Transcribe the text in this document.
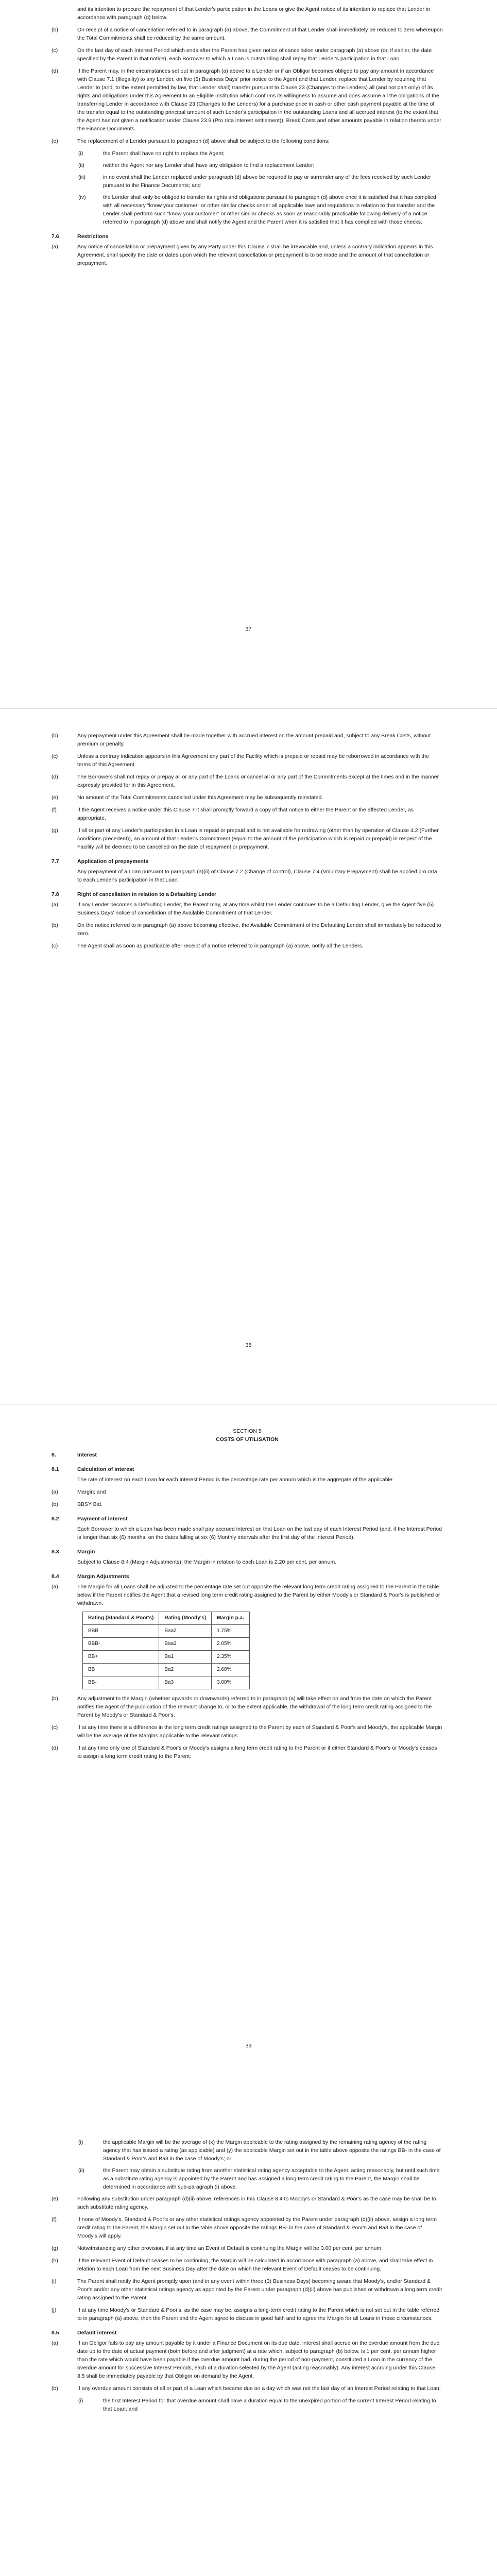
and its intention to procure the repayment of that Lender's participation in the Loans or give the Agent notice of its intention to replace that Lender in accordance with paragraph (d) below.

(b)	On receipt of a notice of cancellation referred to in paragraph (a) above, the Commitment of that Lender shall immediately be reduced to zero whereupon the Total Commitments shall be reduced by the same amount.
(c)	On the last day of each Interest Period which ends after the Parent has given notice of cancellation under paragraph (a) above (or, if earlier, the date specified by the Parent in that notice), each Borrower to which a Loan is outstanding shall repay that Lender's participation in that Loan.
(d)	If the Parent may, in the circumstances set out in paragraph (a) above to a Lender or if an Obligor becomes obliged to pay any amount in accordance with Clause 7.1 (Illegality) to any Lender, on five (5) Business Days' prior notice to the Agent and that Lender, replace that Lender by requiring that Lender to (and, to the extent permitted by law, that Lender shall) transfer pursuant to Clause 23 (Changes to the Lenders) all (and not part only) of its rights and obligations under this Agreement to an Eligible Institution which confirms its willingness to assume and does assume all the obligations of the transferring Lender in accordance with Clause 23 (Changes to the Lenders) for a purchase price in cash or other cash payment payable at the time of the transfer equal to the outstanding principal amount of such Lender's participation in the outstanding Loans and all accrued interest (to the extent that the Agent has not given a notification under Clause 23.9 (Pro rata interest settlement)), Break Costs and other amounts payable in relation thereto under the Finance Documents.
(e)	The replacement of a Lender pursuant to paragraph (d) above shall be subject to the following conditions:
(i)	the Parent shall have no right to replace the Agent;
(ii)	neither the Agent nor any Lender shall have any obligation to find a replacement Lender;
(iii)	in no event shall the Lender replaced under paragraph (d) above be required to pay or surrender any of the fees received by such Lender pursuant to the Finance Documents; and
(iv)	the Lender shall only be obliged to transfer its rights and obligations pursuant to paragraph (d) above once it is satisfied that it has complied with all necessary "know your customer" or other similar checks under all applicable laws and regulations in relation to that transfer and the Lender shall perform such "know your customer" or other similar checks as soon as reasonably practicable following delivery of a notice referred to in paragraph (d) above and shall notify the Agent and the Parent when it is satisfied that it has complied with those checks.
7.6	Restrictions
(a)	Any notice of cancellation or prepayment given by any Party under this Clause 7 shall be irrevocable and, unless a contrary indication appears in this Agreement, shall specify the date or dates upon which the relevant cancellation or prepayment is to be made and the amount of that cancellation or prepayment.
37
(b)	Any prepayment under this Agreement shall be made together with accrued interest on the amount prepaid and, subject to any Break Costs, without premium or penalty.
(c)	Unless a contrary indication appears in this Agreement any part of the Facility which is prepaid or repaid may be reborrowed in accordance with the terms of this Agreement.
(d)	The Borrowers shall not repay or prepay all or any part of the Loans or cancel all or any part of the Commitments except at the times and in the manner expressly provided for in this Agreement.
(e)	No amount of the Total Commitments cancelled under this Agreement may be subsequently reinstated.
(f)	If the Agent receives a notice under this Clause 7 it shall promptly forward a copy of that notice to either the Parent or the affected Lender, as appropriate.
(g)	If all or part of any Lender's participation in a Loan is repaid or prepaid and is not available for redrawing (other than by operation of Clause 4.2 (Further conditions precedent)), an amount of that Lender's Commitment (equal to the amount of the participation which is repaid or prepaid) in respect of the Facility will be deemed to be cancelled on the date of repayment or prepayment.
7.7	Application of prepayments

Any prepayment of a Loan pursuant to paragraph (a)(ii) of Clause 7.2 (Change of control), Clause 7.4 (Voluntary Prepayment) shall be applied pro rata to each Lender's participation in that Loan.

7.8	Right of cancellation in relation to a Defaulting Lender
(a)	If any Lender becomes a Defaulting Lender, the Parent may, at any time whilst the Lender continues to be a Defaulting Lender, give the Agent five (5) Business Days' notice of cancellation of the Available Commitment of that Lender.
(b)	On the notice referred to in paragraph (a) above becoming effective, the Available Commitment of the Defaulting Lender shall immediately be reduced to zero.
(c)	The Agent shall as soon as practicable after receipt of a notice referred to in paragraph (a) above, notify all the Lenders.
38

SECTION 5

COSTS OF UTILISATION

8.	Interest
8.1	Calculation of interest

The rate of interest on each Loan for each Interest Period is the percentage rate per annum which is the aggregate of the applicable:

(a)	Margin; and
(b)	BBSY Bid.
8.2	Payment of interest

Each Borrower to which a Loan has been made shall pay accrued interest on that Loan on the last day of each Interest Period (and, if the Interest Period is longer than six (6) months, on the dates falling at six (6) Monthly intervals after the first day of the Interest Period).

8.3	Margin

Subject to Clause 8.4 (Margin Adjustments), the Margin in relation to each Loan is 2.20 per cent. per annum.

8.4	Margin Adjustments
(a)	The Margin for all Loans shall be adjusted to the percentage rate set out opposite the relevant long term credit rating assigned to the Parent in the table below if the Parent notifies the Agent that a revised long term credit rating assigned to the Parent by either Moody's or Standard & Poor's is published or withdrawn.
Rating (Standard & Poor's)	Rating (Moody's)	Margin p.a.
BBB	Baa2	1.75%
BBB-	Baa3	2.05%
BB+	Ba1	2.35%
BB	Ba2	2.60%
BB-	Ba3	3.00%
(b)	Any adjustment to the Margin (whether upwards or downwards) referred to in paragraph (a) will take effect on and from the date on which the Parent notifies the Agent of the publication of the relevant change to, or to the extent applicable, the withdrawal of the long term credit rating assigned to the Parent by Moody's or Standard & Poor's.
(c)	If at any time there is a difference in the long term credit ratings assigned to the Parent by each of Standard & Poor's and Moody's, the applicable Margin will be the average of the Margins applicable to the relevant ratings.
(d)	If at any time only one of Standard & Poor's or Moody's assigns a long term credit rating to the Parent or if either Standard & Poor's or Moody's ceases to assign a long term credit rating to the Parent:
39
(i)	the applicable Margin will be the average of (x) the Margin applicable to the rating assigned by the remaining rating agency of the rating agency that has issued a rating (as applicable) and (y) the applicable Margin set out in the table above opposite the ratings BB- in the case of Standard & Poor's and Ba3 in the case of Moody's; or
(ii)	the Parent may obtain a substitute rating from another statistical rating agency acceptable to the Agent, acting reasonably, but until such time as a substitute rating agency is appointed by the Parent and has assigned a long term credit rating to the Parent, the Margin shall be determined in accordance with sub-paragraph (i) above.
(e)	Following any substitution under paragraph (d)(ii) above, references in this Clause 8.4 to Moody's or Standard & Poor's as the case may be shall be to such substitute rating agency.
(f)	If none of Moody's, Standard & Poor's or any other statistical ratings agency appointed by the Parent under paragraph (d)(ii) above, assign a long term credit rating to the Parent, the Margin set out in the table above opposite the ratings BB- in the case of Standard & Poor's and Ba3 in the case of Moody's will apply.
(g)	Notwithstanding any other provision, if at any time an Event of Default is continuing the Margin will be 3.00 per cent. per annum.
(h)	If the relevant Event of Default ceases to be continuing, the Margin will be calculated in accordance with paragraph (a) above, and shall take effect in relation to each Loan from the next Business Day after the date on which the relevant Event of Default ceases to be continuing.
(i)	The Parent shall notify the Agent promptly upon (and in any event within three (3) Business Days) becoming aware that Moody's, and/or Standard & Poor's and/or any other statistical ratings agency as appointed by the Parent under paragraph (d)(ii) above has published or withdrawn a long term credit rating assigned to the Parent.
(j)	If at any time Moody's or Standard & Poor's, as the case may be, assigns a long-term credit rating to the Parent which is not set out in the table referred to in paragraph (a) above, then the Parent and the Agent agree to discuss in good faith and to agree the Margin for all Loans in those circumstances.
8.5	Default interest
(a)	If an Obligor fails to pay any amount payable by it under a Finance Document on its due date, interest shall accrue on the overdue amount from the due date up to the date of actual payment (both before and after judgment) at a rate which, subject to paragraph (b) below, is 1 per cent. per annum higher than the rate which would have been payable if the overdue amount had, during the period of non-payment, constituted a Loan in the currency of the overdue amount for successive Interest Periods, each of a duration selected by the Agent (acting reasonably). Any interest accruing under this Clause 8.5 shall be immediately payable by that Obligor on demand by the Agent.
(b)	If any overdue amount consists of all or part of a Loan which became due on a day which was not the last day of an Interest Period relating to that Loan:
(i)	the first Interest Period for that overdue amount shall have a duration equal to the unexpired portion of the current Interest Period relating to that Loan; and
